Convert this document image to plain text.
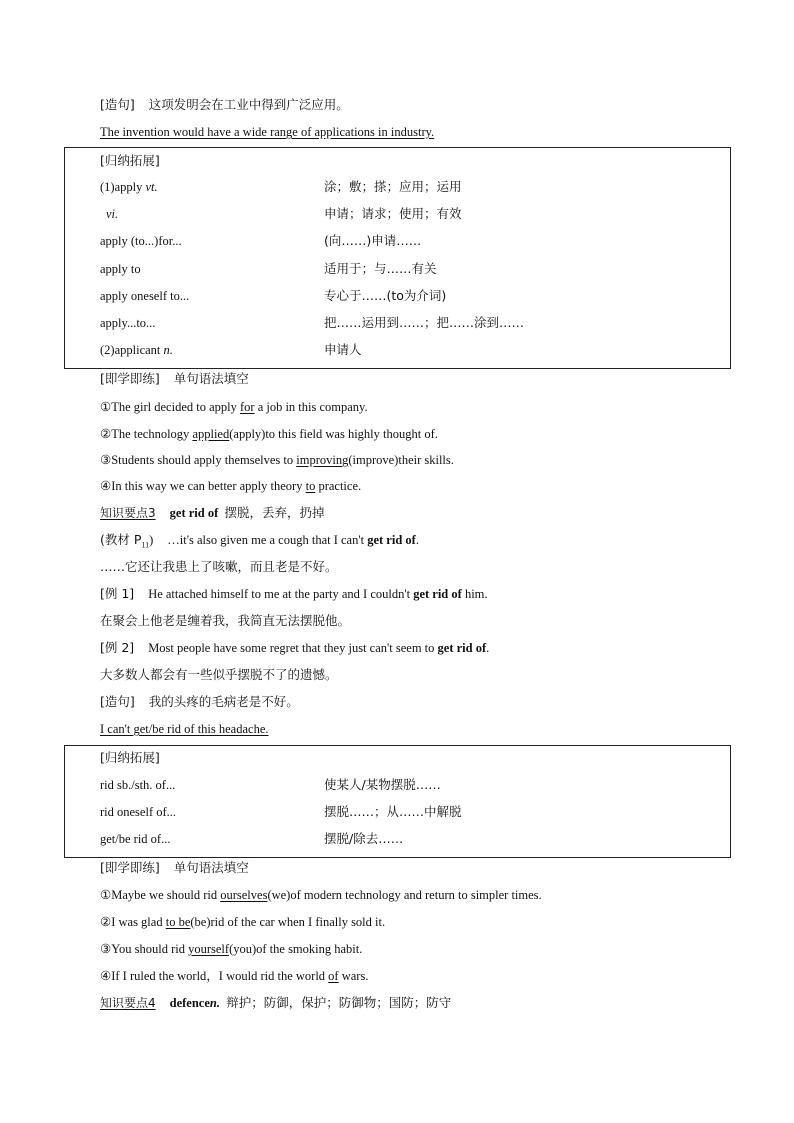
[造句] 这项发明会在工业中得到广泛应用。
The invention would have a wide range of applications in industry.
[归纳拓展]
(1)apply vt.	涂；敷；搽；应用；运用
vi.	申请；请求；使用；有效
apply (to...)for...	(向……)申请……
apply to	适用于；与……有关
apply oneself to...	专心于……(to为介词)
apply...to...	把……运用到……；把……涂到……
(2)applicant n.	申请人
[即学即练] 单句语法填空
①The girl decided to apply for a job in this company.
②The technology applied(apply)to this field was highly thought of.
③Students should apply themselves to improving(improve)their skills.
④In this way we can better apply theory to practice.
知识要点3 get rid of 摆脱，丢弃，扔掉
(教材 $P_{11}$) …it's also given me a cough that I can't get rid of.
……它还让我患上了咳嗽，而且老是不好。
[例 1] He attached himself to me at the party and I couldn't get rid of him.
在聚会上他老是缠着我，我简直无法摆脱他。
[例 2] Most people have some regret that they just can't seem to get rid of.
大多数人都会有一些似乎摆脱不了的遗憾。
[造句] 我的头疼的毛病老是不好。
I can't get/be rid of this headache.
[归纳拓展]
rid sb./sth. of...	使某人/某物摆脱……
rid oneself of...	摆脱……；从……中解脱
get/be rid of...	摆脱/除去……
[即学即练] 单句语法填空
①Maybe we should rid ourselves(we)of modern technology and return to simpler times.
②I was glad to be(be)rid of the car when I finally sold it.
③You should rid yourself(you)of the smoking habit.
④If I ruled the world，I would rid the world of wars.
知识要点4 defencen. 辩护；防御，保护；防御物；国防；防守
